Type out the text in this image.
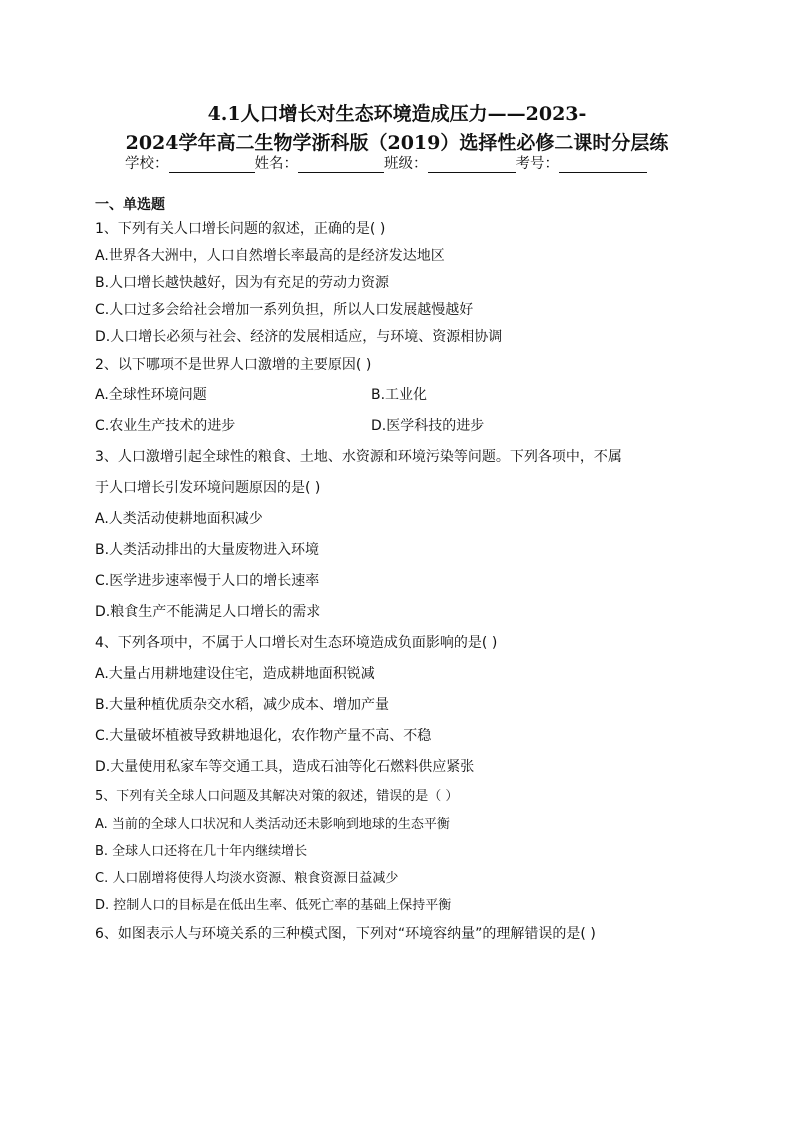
4.1人口增长对生态环境造成压力——2023-
2024学年高二生物学浙科版（2019）选择性必修二课时分层练
学校：	姓名：	班级：	考号：
一、单选题
1、下列有关人口增长问题的叙述，正确的是( )
A.世界各大洲中，人口自然增长率最高的是经济发达地区
B.人口增长越快越好，因为有充足的劳动力资源
C.人口过多会给社会增加一系列负担，所以人口发展越慢越好
D.人口增长必须与社会、经济的发展相适应，与环境、资源相协调
2、以下哪项不是世界人口激增的主要原因( )
A.全球性环境问题	B.工业化
C.农业生产技术的进步	D.医学科技的进步
3、人口激增引起全球性的粮食、土地、水资源和环境污染等问题。下列各项中，不属
于人口增长引发环境问题原因的是( )
A.人类活动使耕地面积减少
B.人类活动排出的大量废物进入环境
C.医学进步速率慢于人口的增长速率
D.粮食生产不能满足人口增长的需求
4、下列各项中，不属于人口增长对生态环境造成负面影响的是( )
A.大量占用耕地建设住宅，造成耕地面积锐减
B.大量种植优质杂交水稻，减少成本、增加产量
C.大量破坏植被导致耕地退化，农作物产量不高、不稳
D.大量使用私家车等交通工具，造成石油等化石燃料供应紧张
5、下列有关全球人口问题及其解决对策的叙述，错误的是（ ）
A. 当前的全球人口状况和人类活动还未影响到地球的生态平衡
B. 全球人口还将在几十年内继续增长
C. 人口剧增将使得人均淡水资源、粮食资源日益减少
D. 控制人口的目标是在低出生率、低死亡率的基础上保持平衡
6、如图表示人与环境关系的三种模式图，下列对“环境容纳量”的理解错误的是( )
